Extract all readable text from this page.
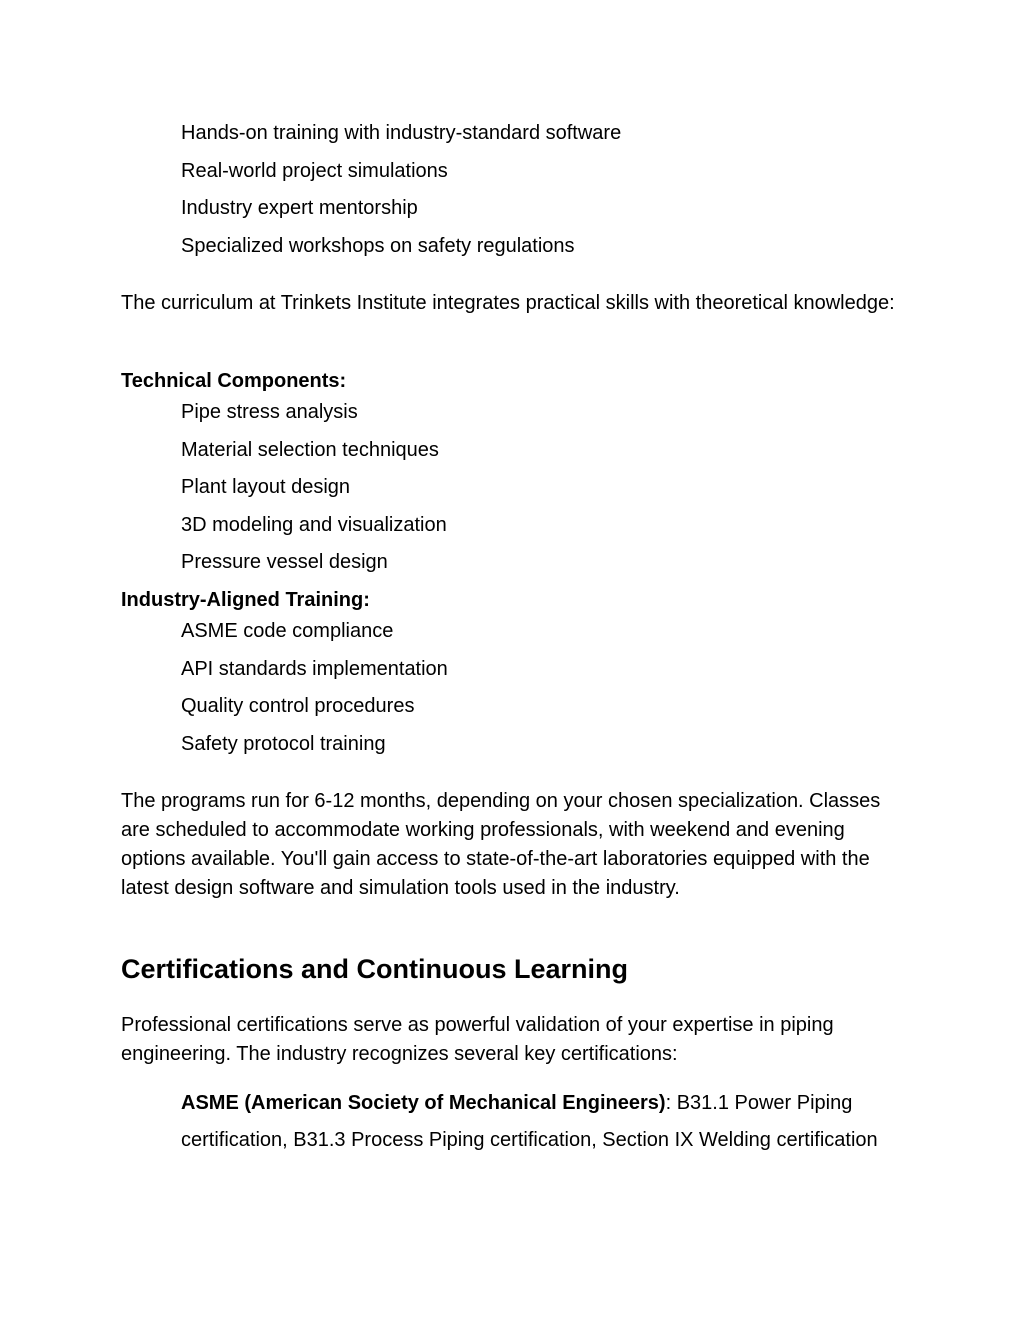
Hands-on training with industry-standard software
Real-world project simulations
Industry expert mentorship
Specialized workshops on safety regulations
The curriculum at Trinkets Institute integrates practical skills with theoretical knowledge:
Technical Components:
Pipe stress analysis
Material selection techniques
Plant layout design
3D modeling and visualization
Pressure vessel design
Industry-Aligned Training:
ASME code compliance
API standards implementation
Quality control procedures
Safety protocol training
The programs run for 6-12 months, depending on your chosen specialization. Classes are scheduled to accommodate working professionals, with weekend and evening options available. You'll gain access to state-of-the-art laboratories equipped with the latest design software and simulation tools used in the industry.
Certifications and Continuous Learning
Professional certifications serve as powerful validation of your expertise in piping engineering. The industry recognizes several key certifications:
ASME (American Society of Mechanical Engineers): B31.1 Power Piping certification, B31.3 Process Piping certification, Section IX Welding certification
